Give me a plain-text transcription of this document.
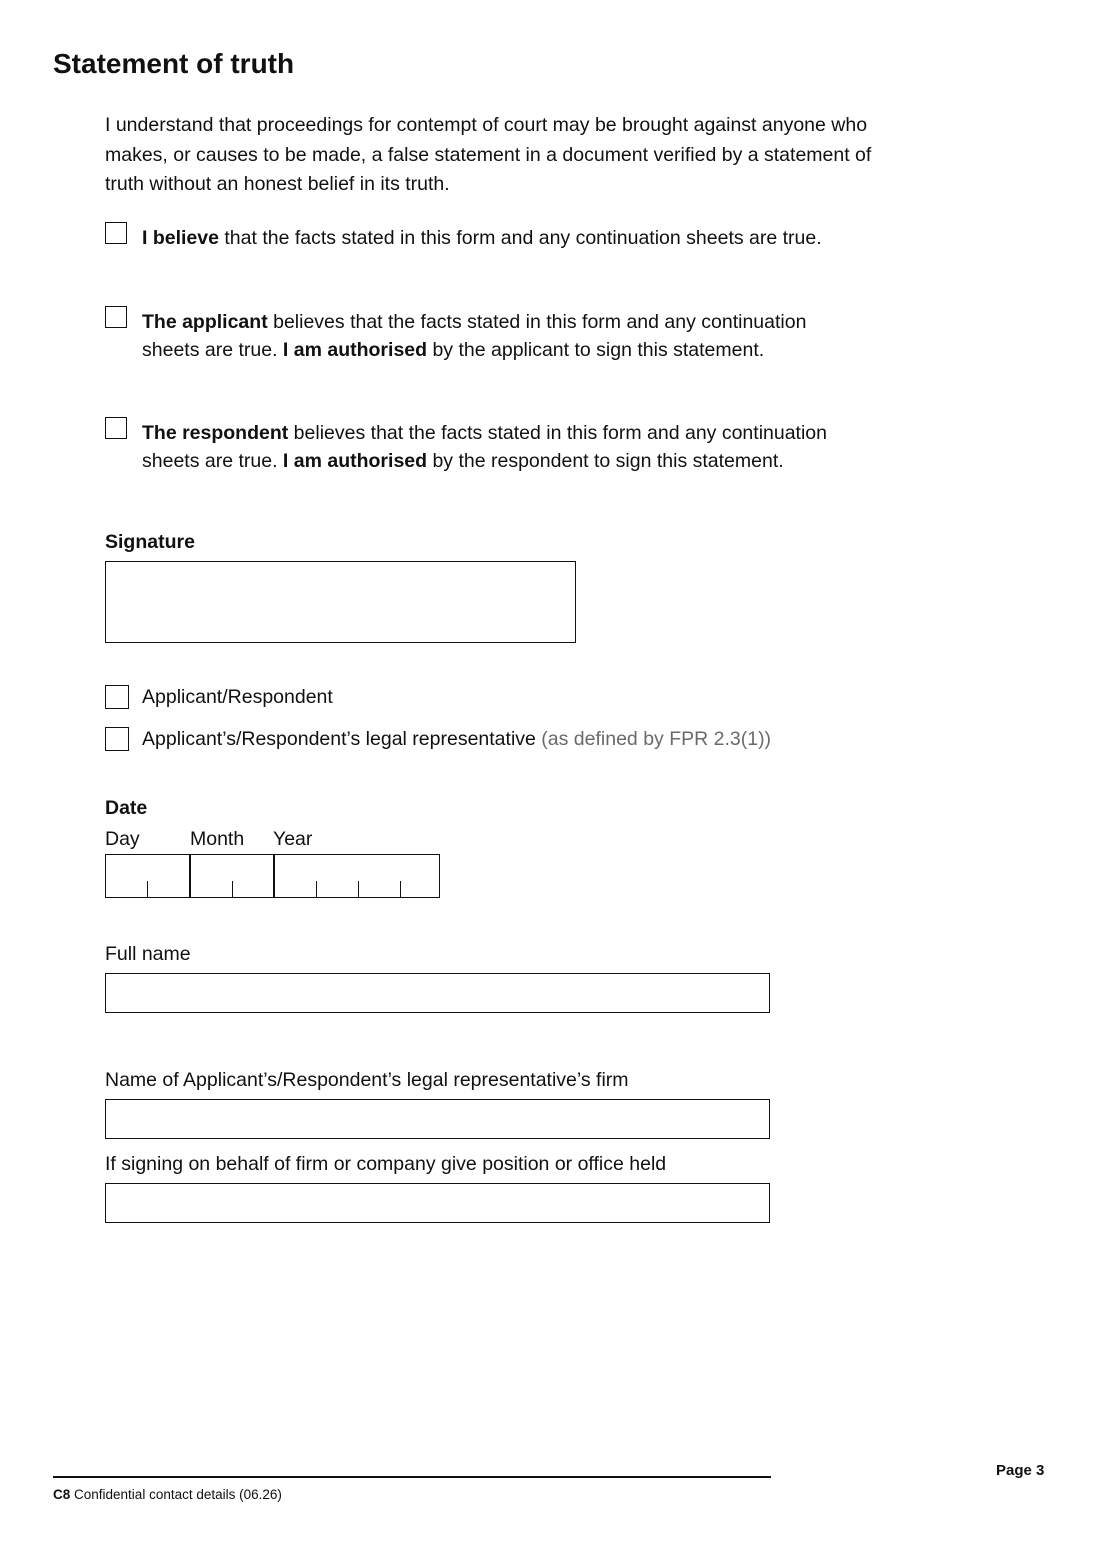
Statement of truth

I understand that proceedings for contempt of court may be brought against anyone who makes, or causes to be made, a false statement in a document verified by a statement of truth without an honest belief in its truth.

I believe that the facts stated in this form and any continuation sheets are true.
The applicant believes that the facts stated in this form and any continuation sheets are true. I am authorised by the applicant to sign this statement.
The respondent believes that the facts stated in this form and any continuation sheets are true. I am authorised by the respondent to sign this statement.
Signature
Applicant/Respondent
Applicant’s/Respondent’s legal representative (as defined by FPR 2.3(1))
Date
Day	Month Year
Full name
Name of Applicant’s/Respondent’s legal representative’s firm
If signing on behalf of firm or company give position or office held
C8 Confidential contact details (06.26)
Page 3
